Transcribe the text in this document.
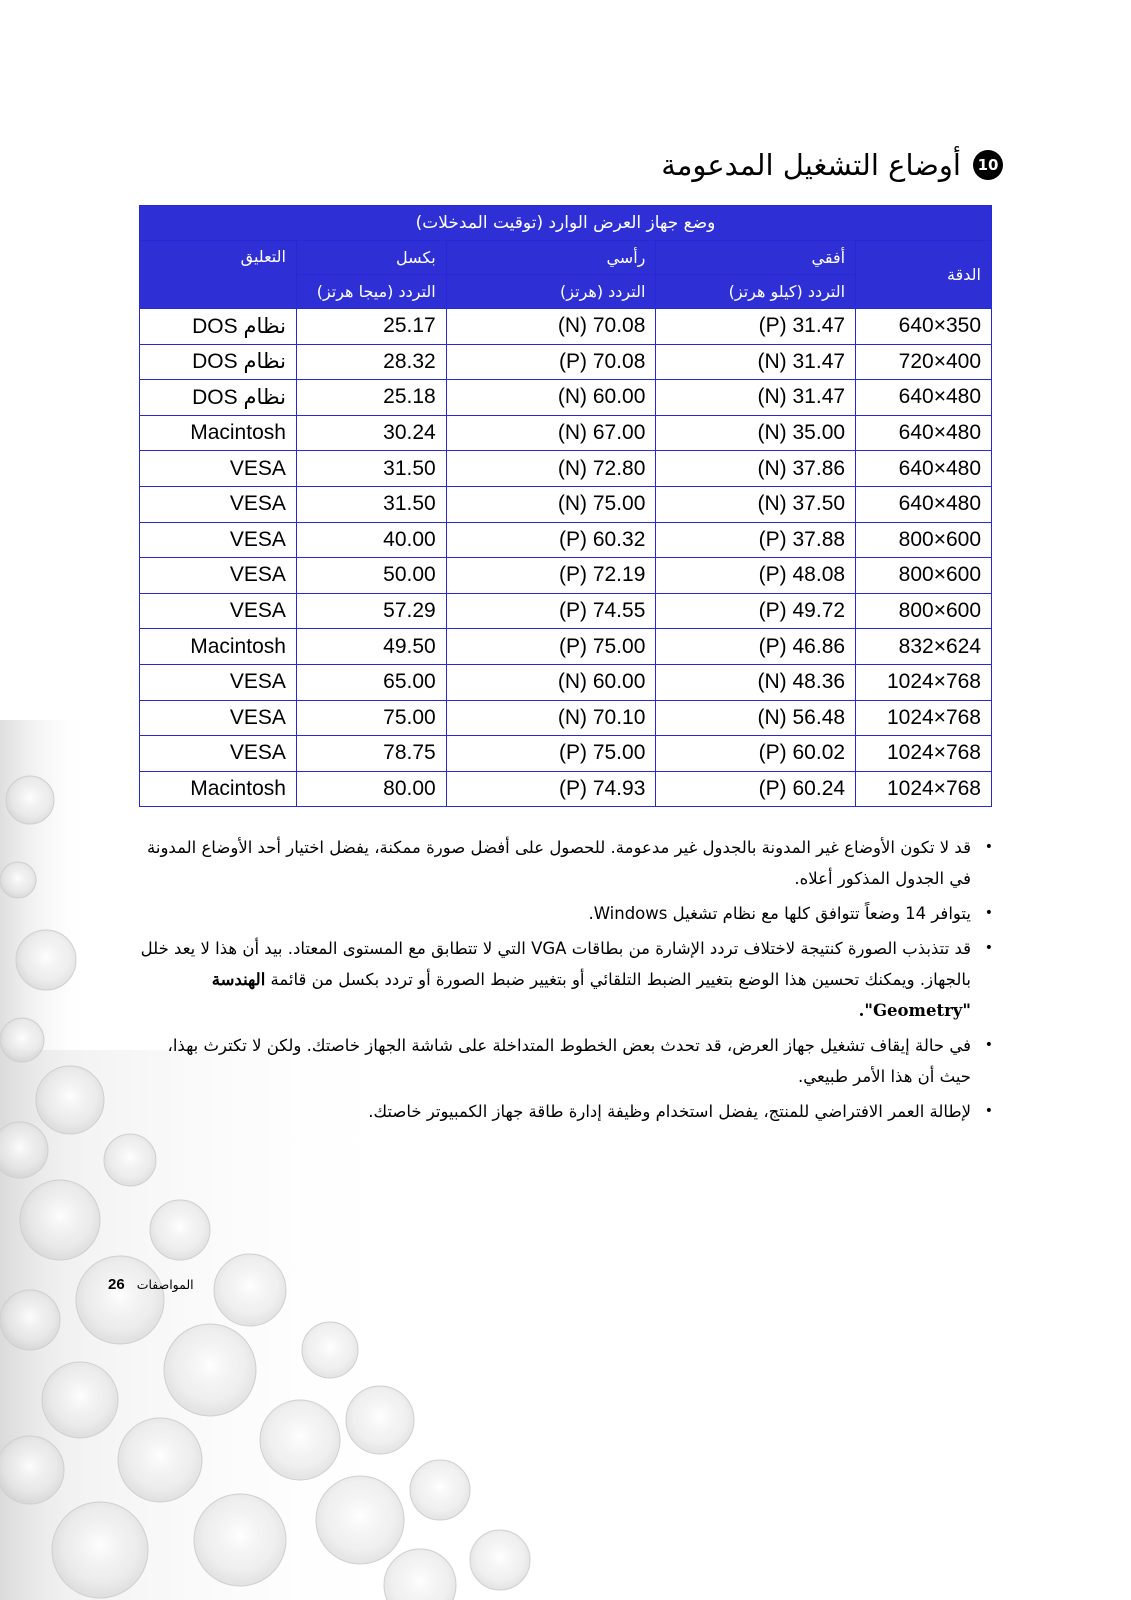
10
أوضاع التشغيل المدعومة
وضع جهاز العرض الوارد (توقيت المدخلات)				
الدقة	أفقي	رأسي	بكسل	التعليق
	التردد (كيلو هرتز)	التردد (هرتز)	التردد (ميجا هرتز)	
640×350	(P) 31.47	(N) 70.08	25.17	نظام DOS
720×400	(N) 31.47	(P) 70.08	28.32	نظام DOS
640×480	(N) 31.47	(N) 60.00	25.18	نظام DOS
640×480	(N) 35.00	(N) 67.00	30.24	Macintosh
640×480	(N) 37.86	(N) 72.80	31.50	VESA
640×480	(N) 37.50	(N) 75.00	31.50	VESA
800×600	(P) 37.88	(P) 60.32	40.00	VESA
800×600	(P) 48.08	(P) 72.19	50.00	VESA
800×600	(P) 49.72	(P) 74.55	57.29	VESA
832×624	(P) 46.86	(P) 75.00	49.50	Macintosh
1024×768	(N) 48.36	(N) 60.00	65.00	VESA
1024×768	(N) 56.48	(N) 70.10	75.00	VESA
1024×768	(P) 60.02	(P) 75.00	78.75	VESA
1024×768	(P) 60.24	(P) 74.93	80.00	Macintosh
• قد لا تكون الأوضاع غير المدونة بالجدول غير مدعومة. للحصول على أفضل صورة ممكنة، يفضل اختيار أحد الأوضاع المدونة في الجدول المذكور أعلاه.
• يتوافر 14 وضعاً تتوافق كلها مع نظام تشغيل Windows.
• قد تتذبذب الصورة كنتيجة لاختلاف تردد الإشارة من بطاقات VGA التي لا تتطابق مع المستوى المعتاد. بيد أن هذا لا يعد خلل بالجهاز. ويمكنك تحسين هذا الوضع بتغيير الضبط التلقائي أو بتغيير ضبط الصورة أو تردد بكسل من قائمة الهندسة "Geometry".
• في حالة إيقاف تشغيل جهاز العرض، قد تحدث بعض الخطوط المتداخلة على شاشة الجهاز خاصتك. ولكن لا تكترث بهذا، حيث أن هذا الأمر طبيعي.
• لإطالة العمر الافتراضي للمنتج، يفضل استخدام وظيفة إدارة طاقة جهاز الكمبيوتر خاصتك.
26 المواصفات
